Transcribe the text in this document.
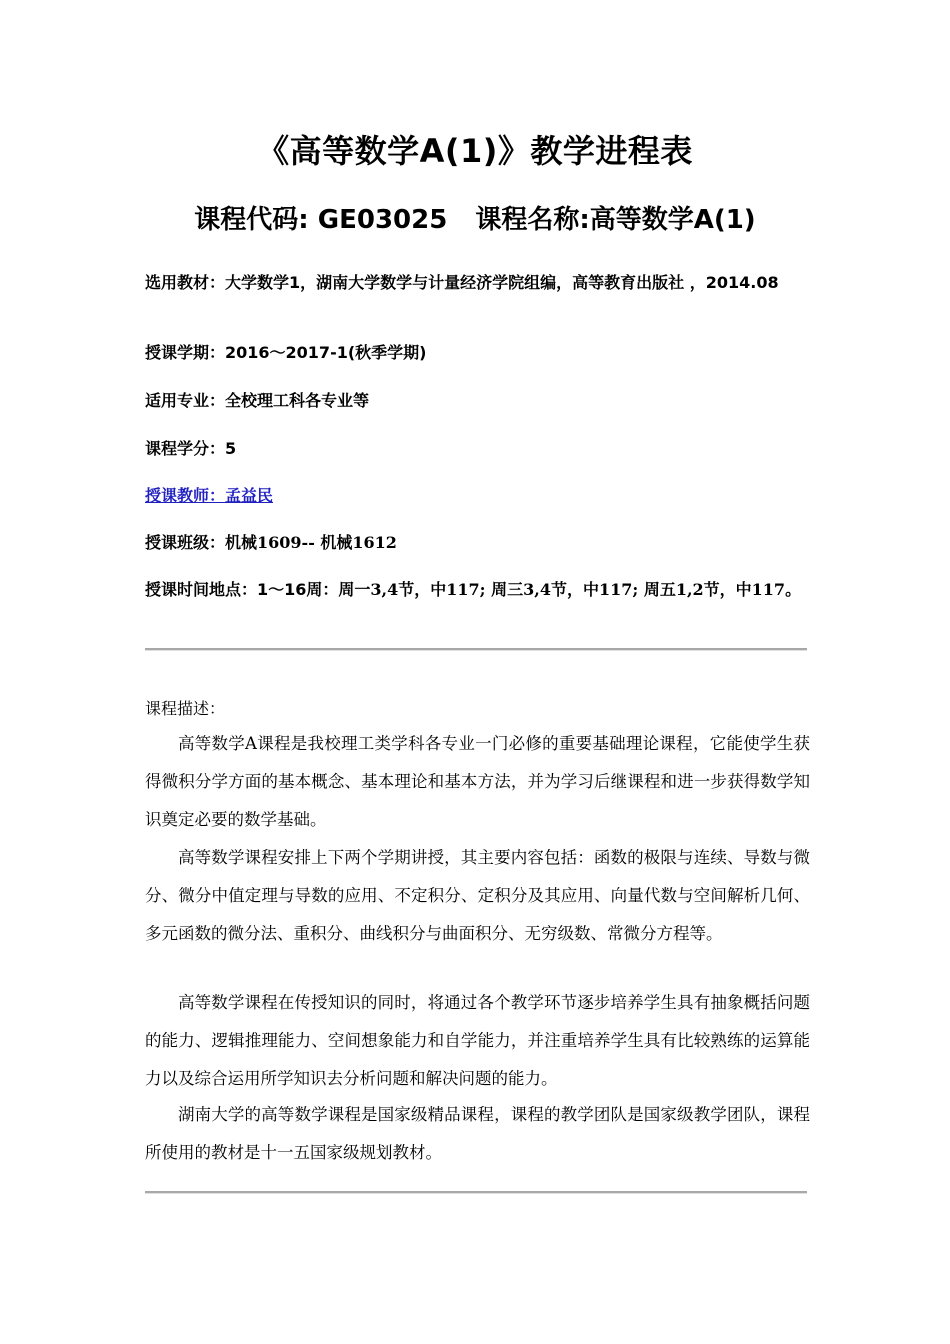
《高等数学A(1)》教学进程表
课程代码: GE03025 课程名称:高等数学A(1)
选用教材：大学数学1，湖南大学数学与计量经济学院组编，高等教育出版社 ，2014.08
授课学期：2016～2017-1(秋季学期)
适用专业：全校理工科各专业等
课程学分：5
授课教师：孟益民
授课班级：机械1609-- 机械1612
授课时间地点：1～16周：周一3,4节，中117; 周三3,4节，中117; 周五1,2节，中117。
课程描述：

高等数学A课程是我校理工类学科各专业一门必修的重要基础理论课程，它能使学生获得微积分学方面的基本概念、基本理论和基本方法，并为学习后继课程和进一步获得数学知识奠定必要的数学基础。

高等数学课程安排上下两个学期讲授，其主要内容包括：函数的极限与连续、导数与微分、微分中值定理与导数的应用、不定积分、定积分及其应用、向量代数与空间解析几何、多元函数的微分法、重积分、曲线积分与曲面积分、无穷级数、常微分方程等。

高等数学课程在传授知识的同时，将通过各个教学环节逐步培养学生具有抽象概括问题的能力、逻辑推理能力、空间想象能力和自学能力，并注重培养学生具有比较熟练的运算能力以及综合运用所学知识去分析问题和解决问题的能力。

湖南大学的高等数学课程是国家级精品课程，课程的教学团队是国家级教学团队，课程所使用的教材是十一五国家级规划教材。
